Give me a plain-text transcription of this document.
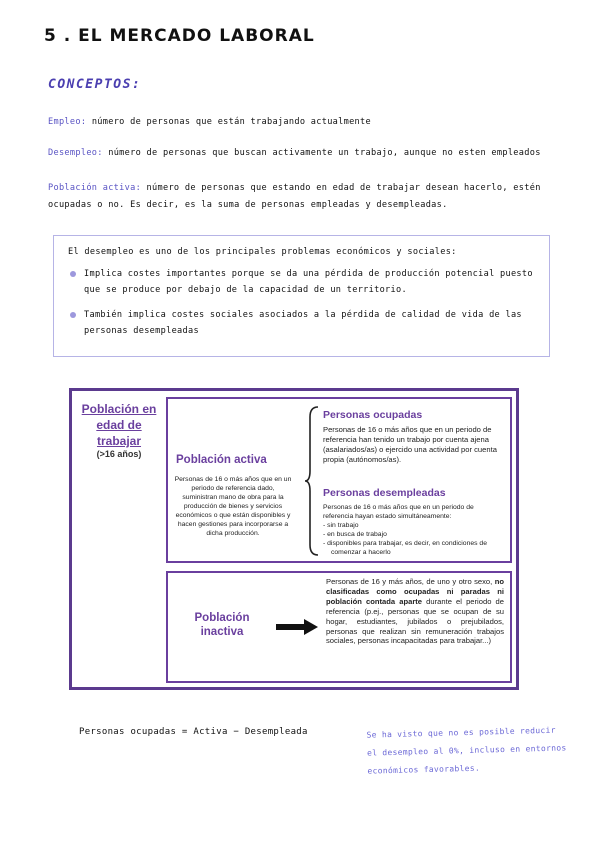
5 . EL MERCADO LABORAL
CONCEPTOS:
Empleo: número de personas que están trabajando actualmente
Desempleo: número de personas que buscan activamente un trabajo, aunque no esten empleados
Población activa: número de personas que estando en edad de trabajar desean hacerlo, estén ocupadas o no. Es decir, es la suma de personas empleadas y desempleadas.
El desempleo es uno de los principales problemas económicos y sociales:
Implica costes importantes porque se da una pérdida de producción potencial puesto que se produce por debajo de la capacidad de un territorio.
También implica costes sociales asociados a la pérdida de calidad de vida de las personas desempleadas
Población en edad de trabajar
(>16 años)	Población activa
Personas de 16 o más años que en un periodo de referencia dado, suministran mano de obra para la producción de bienes y servicios económicos o que están disponibles y hacen gestiones para incorporarse a dicha producción.
Personas ocupadas
Personas de 16 o más años que en un periodo de referencia han tenido un trabajo por cuenta ajena (asalariados/as) o ejercido una actividad por cuenta propia (autónomos/as).
Personas desempleadas
Personas de 16 o más años que en un periodo de referencia hayan estado simultáneamente:
- sin trabajo
- en busca de trabajo
- disponibles para trabajar, es decir, en condiciones de comenzar a hacerlo
Población inactiva
Personas de 16 y más años, de uno y otro sexo, no clasificadas como ocupadas ni paradas ni población contada aparte durante el periodo de referencia (p.ej., personas que se ocupan de su hogar, estudiantes, jubilados o prejubilados, personas que realizan sin remuneración trabajos sociales, personas incapacitadas para trabajar...)
Personas ocupadas = Activa − Desempleada	Se ha visto que no es posible reducir el desempleo al 0%, incluso en entornos económicos favorables.
